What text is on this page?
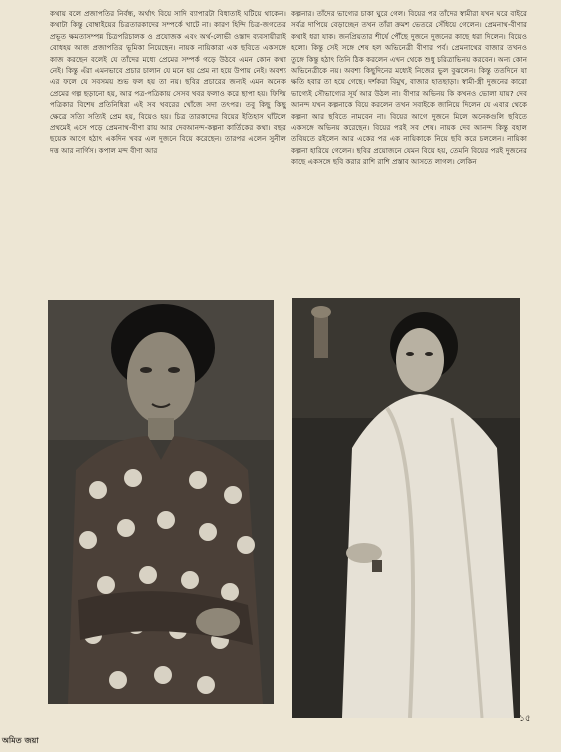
কথায় বলে প্রজাপতির নির্বন্ধ, অর্থাৎ বিয়ে সাদি ব্যাপারটা বিধাতাই ঘটিয়ে থাকেন। কথাটা কিন্তু বোম্বাইয়ের চিত্রতারকাদের সম্পর্কে খাটে না। কারণ হিন্দি চিত্র-জগতের প্রভূত ক্ষমতাসম্পন্ন চিত্রপরিচালক ও প্রযোজক এবং অর্থ-লোভী ওস্তাদ ব্যবসায়ীরাই বোধহয় আজ প্রজাপতির ভূমিকা নিয়েছেন। নায়ক নায়িকারা এক ছবিতে একসঙ্গে কাজ করছেন বলেই যে তাঁদের মধ্যে প্রেমের সম্পর্ক গড়ে উঠবে এমন কোন কথা নেই। কিন্তু এঁরা এমনভাবে প্রচার চালান যে মনে হয় প্রেম না হয়ে উপায় নেই। অবশ্য এর ফলে যে সবসময় শুভ ফল হয় তা নয়। ছবির প্রচারের জন্যই এমন অনেক প্রেমের গল্প ছড়ানো হয়, আর পত্র-পত্রিকায় সেসব খবর ফলাও করে ছাপা হয়। ফিল্মি পত্রিকার বিশেষ প্রতিনিধিরা এই সব খবরের খোঁজে সদা তৎপর। তবু কিছু কিছু ক্ষেত্রে সত্যি সত্যিই প্রেম হয়, বিয়েও হয়। চিত্র তারকাদের বিয়ের ইতিহাস ঘাঁটলে প্রথমেই এসে পড়ে প্রেমনাথ-বীণা রায় আর দেবআনন্দ-কল্পনা কার্তিকের কথা। বছর ছয়েক আগে হঠাৎ একদিন খবর এল দুজনে বিয়ে করেছেন। তারপর এলেন সুনীল দত্ত আর নার্গিস। কপাল মন্দ বীণা আর

কল্পনার। তাঁদের ভাগ্যের চাকা ঘুরে গেল। বিয়ের পর তাঁদের স্বামীরা যখন ঘরে বাইরে সর্বত্র দাপিয়ে বেড়াচ্ছেন তখন তাঁরা ক্রমশ ভেতরে সেঁধিয়ে গেলেন। প্রেমনাথ-বীণার কথাই ধরা যাক। জনপ্রিয়তার শীর্ষে পৌঁছে দুজনে দুজনের কাছে ধরা দিলেন। বিয়েও হলো। কিন্তু সেই সঙ্গে শেষ হল অভিনেত্রী বীণার পর্ব। প্রেমনাথের বাজার তখনও তুঙ্গে কিন্তু হঠাৎ তিনি ঠিক করলেন এখন থেকে শুধু চরিত্রাভিনয় করবেন। অন্য কোন অভিনেত্রীকে নয়। অবশ্য কিছুদিনের মধ্যেই নিজের ভুল বুঝলেন। কিন্তু ততদিনে যা ক্ষতি হবার তা হয়ে গেছে। দর্শকরা বিমুখ, বাজার হাতছাড়া। স্বামী-স্ত্রী দুজনের কারো ভাগ্যেই সৌভাগ্যের সূর্য আর উঠল না। বীণার অভিনয় কি কখনও ভোলা যায়? দেব আনন্দ যখন কল্পনাকে বিয়ে করলেন তখন সবাইকে জানিয়ে দিলেন যে এবার থেকে কল্পনা আর ছবিতে নামবেন না। বিয়ের আগে দুজনে মিলে অনেকগুলি ছবিতে একসঙ্গে অভিনয় করেছেন। বিয়ের পরই সব শেষ। নায়ক দেব আনন্দ কিন্তু বহাল তবিয়তে রইলেন আর একের পর এক নায়িকাকে নিয়ে ছবি করে চললেন। নায়িকা কল্পনা হারিয়ে গেলেন। ছবির প্রয়োজনে যেমন বিয়ে হয়, তেমনি বিয়ের পরই দুজনের কাছে একসঙ্গে ছবি করার রাশি রাশি প্রস্তাব আসতে লাগল। লেকিন

১৫
অমিত জয়া
